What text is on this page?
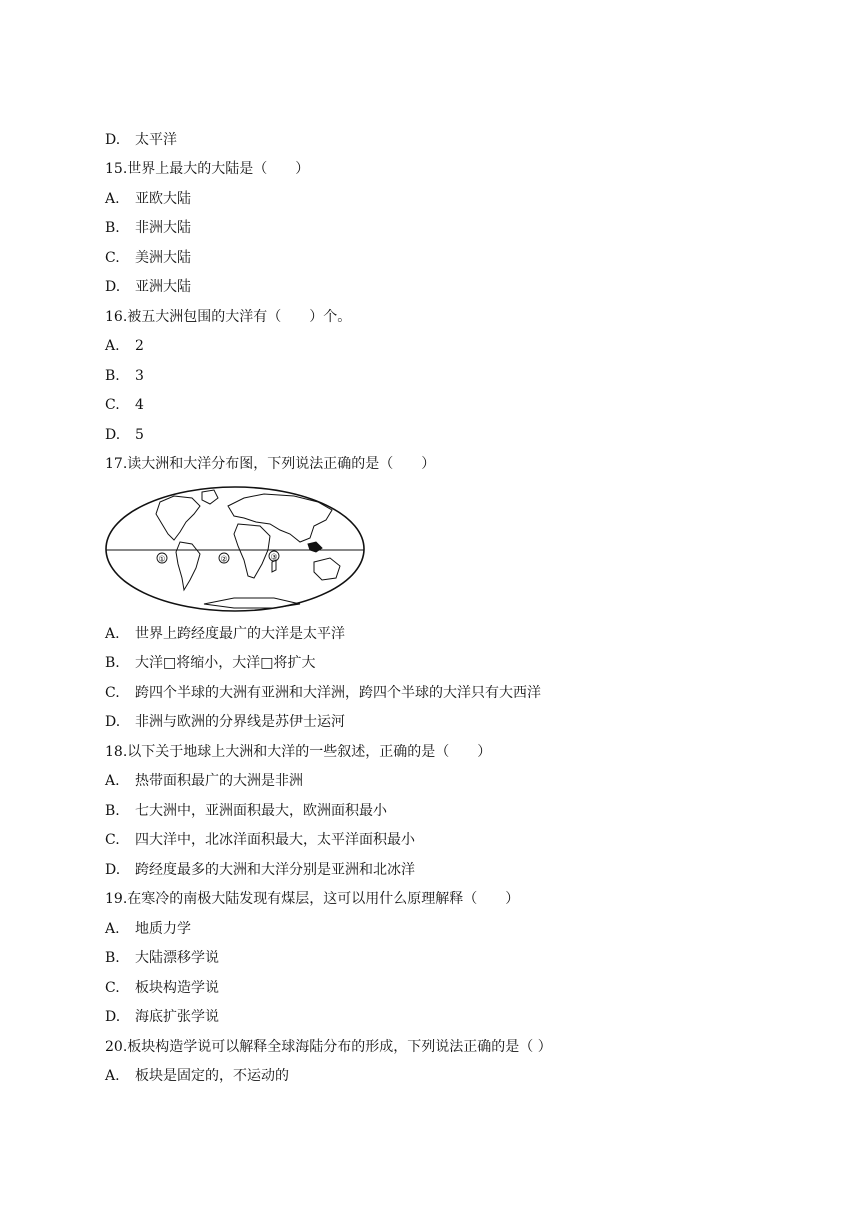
D. 太平洋
15.世界上最大的大陆是（　　）
A. 亚欧大陆
B. 非洲大陆
C. 美洲大陆
D. 亚洲大陆
16.被五大洲包围的大洋有（　　）个。
A. 2
B. 3
C. 4
D. 5
17.读大洲和大洋分布图，下列说法正确的是（　　）
①	②	③
A. 世界上跨经度最广的大洋是太平洋
B. 大洋□将缩小，大洋□将扩大
C. 跨四个半球的大洲有亚洲和大洋洲，跨四个半球的大洋只有大西洋
D. 非洲与欧洲的分界线是苏伊士运河
18.以下关于地球上大洲和大洋的一些叙述，正确的是（　　）
A. 热带面积最广的大洲是非洲
B. 七大洲中，亚洲面积最大，欧洲面积最小
C. 四大洋中，北冰洋面积最大，太平洋面积最小
D. 跨经度最多的大洲和大洋分别是亚洲和北冰洋
19.在寒冷的南极大陆发现有煤层，这可以用什么原理解释（　　）
A. 地质力学
B. 大陆漂移学说
C. 板块构造学说
D. 海底扩张学说
20.板块构造学说可以解释全球海陆分布的形成，下列说法正确的是（ ）
A. 板块是固定的，不运动的
